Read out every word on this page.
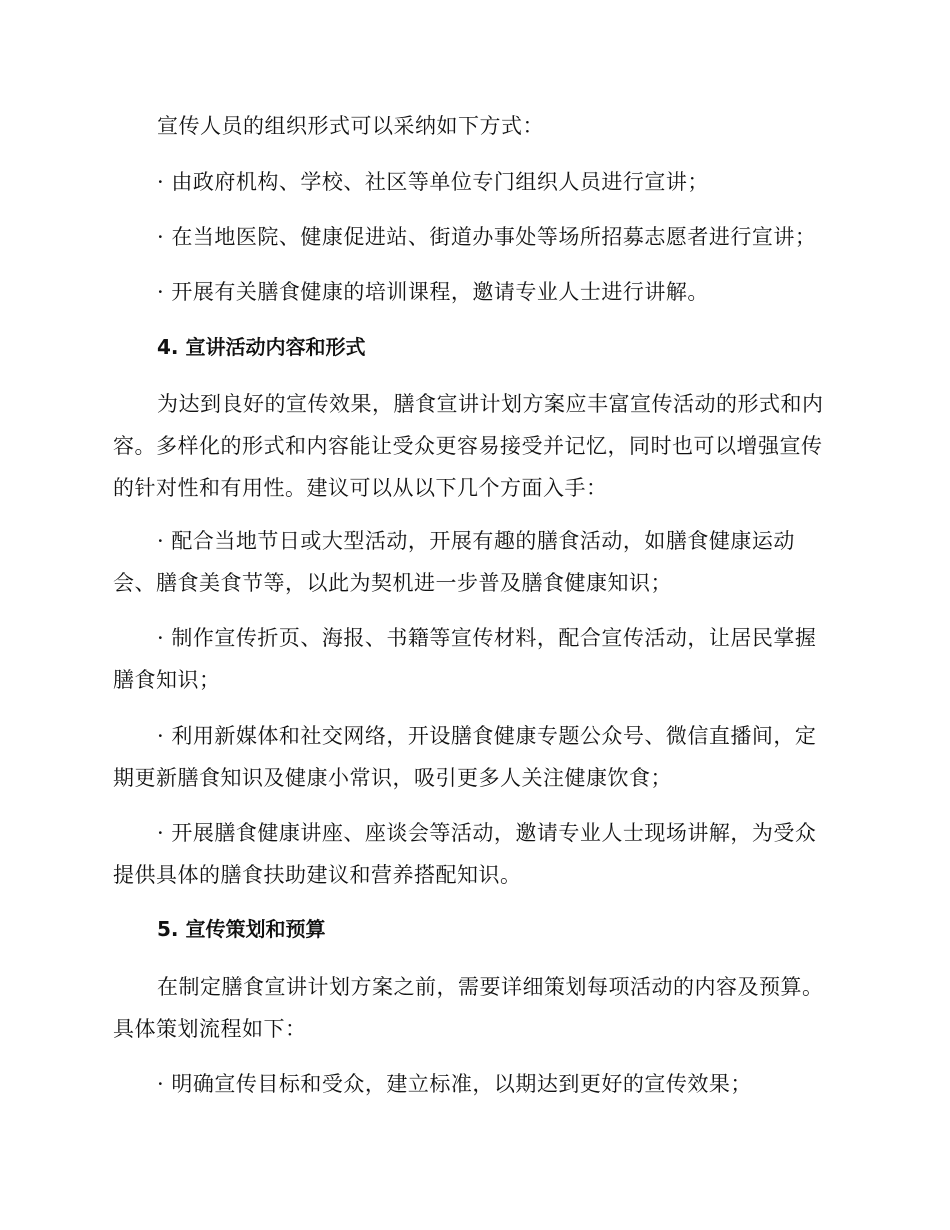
宣传人员的组织形式可以采纳如下方式：

· 由政府机构、学校、社区等单位专门组织人员进行宣讲；

· 在当地医院、健康促进站、街道办事处等场所招募志愿者进行宣讲；

· 开展有关膳食健康的培训课程，邀请专业人士进行讲解。

4. 宣讲活动内容和形式

为达到良好的宣传效果，膳食宣讲计划方案应丰富宣传活动的形式和内容。多样化的形式和内容能让受众更容易接受并记忆，同时也可以增强宣传的针对性和有用性。建议可以从以下几个方面入手：

· 配合当地节日或大型活动，开展有趣的膳食活动，如膳食健康运动会、膳食美食节等，以此为契机进一步普及膳食健康知识；

· 制作宣传折页、海报、书籍等宣传材料，配合宣传活动，让居民掌握膳食知识；

· 利用新媒体和社交网络，开设膳食健康专题公众号、微信直播间，定期更新膳食知识及健康小常识，吸引更多人关注健康饮食；

· 开展膳食健康讲座、座谈会等活动，邀请专业人士现场讲解，为受众提供具体的膳食扶助建议和营养搭配知识。

5. 宣传策划和预算

在制定膳食宣讲计划方案之前，需要详细策划每项活动的内容及预算。具体策划流程如下：

· 明确宣传目标和受众，建立标准，以期达到更好的宣传效果；
